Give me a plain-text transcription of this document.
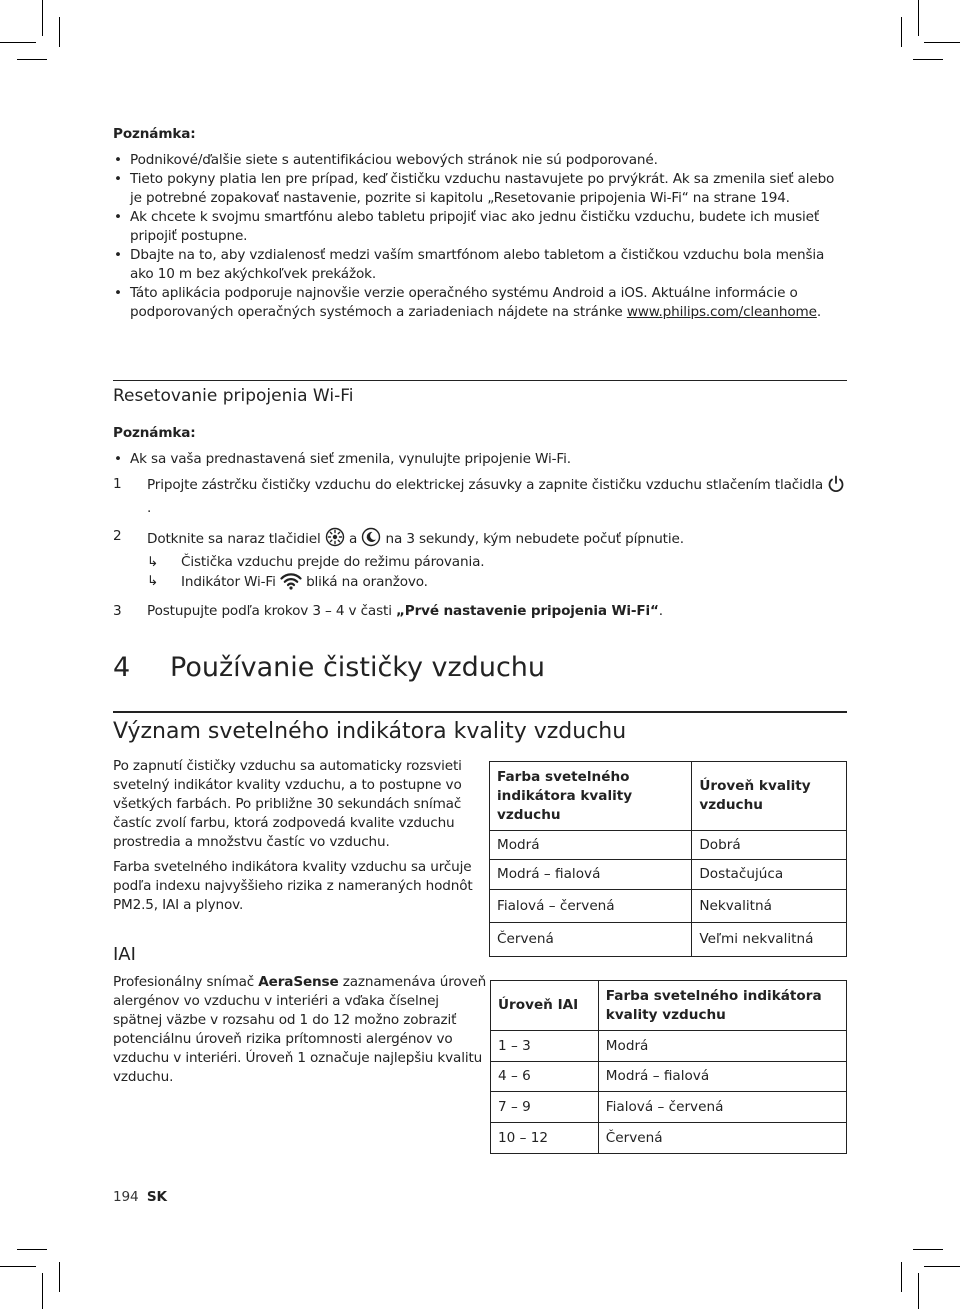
Poznámka:
• Podnikové/ďalšie siete s autentifikáciou webových stránok nie sú podporované.
• Tieto pokyny platia len pre prípad, keď čističku vzduchu nastavujete po prvýkrát. Ak sa zmenila sieť alebo je potrebné zopakovať nastavenie, pozrite si kapitolu „Resetovanie pripojenia Wi-Fi“ na strane 194.
• Ak chcete k svojmu smartfónu alebo tabletu pripojiť viac ako jednu čističku vzduchu, budete ich musieť pripojiť postupne.
• Dbajte na to, aby vzdialenosť medzi vaším smartfónom alebo tabletom a čističkou vzduchu bola menšia ako 10 m bez akýchkoľvek prekážok.
• Táto aplikácia podporuje najnovšie verzie operačného systému Android a iOS. Aktuálne informácie o podporovaných operačných systémoch a zariadeniach nájdete na stránke www.philips.com/cleanhome.
Resetovanie pripojenia Wi-Fi
Poznámka:
• Ak sa vaša prednastavená sieť zmenila, vynulujte pripojenie Wi-Fi.
1 Pripojte zástrčku čističky vzduchu do elektrickej zásuvky a zapnite čističku vzduchu stlačením tlačidla .
2 Dotknite sa naraz tlačidiel  a  na 3 sekundy, kým nebudete počuť pípnutie.
↳ Čistička vzduchu prejde do režimu párovania.
↳ Indikátor Wi-Fi  bliká na oranžovo.
3 Postupujte podľa krokov 3 – 4 v časti „Prvé nastavenie pripojenia Wi-Fi“.
4 Používanie čističky vzduchu
Význam svetelného indikátora kvality vzduchu

Po zapnutí čističky vzduchu sa automaticky rozsvieti svetelný indikátor kvality vzduchu, a to postupne vo všetkých farbách. Po približne 30 sekundách snímač častíc zvolí farbu, ktorá zodpovedá kvalite vzduchu prostredia a množstvu častíc vo vzduchu.

Farba svetelného indikátora kvality vzduchu sa určuje podľa indexu najvyššieho rizika z nameraných hodnôt PM2.5, IAI a plynov.

IAI
Profesionálny snímač AeraSense zaznamenáva úroveň alergénov vo vzduchu v interiéri a vďaka číselnej spätnej väzbe v rozsahu od 1 do 12 možno zobraziť potenciálnu úroveň rizika prítomnosti alergénov vo vzduchu v interiéri. Úroveň 1 označuje najlepšiu kvalitu vzduchu.
Farba svetelného indikátora kvality vzduchu	Úroveň kvality vzduchu
Modrá	Dobrá
Modrá – fialová	Dostačujúca
Fialová – červená	Nekvalitná
Červená	Veľmi nekvalitná
Úroveň IAI	Farba svetelného indikátora kvality vzduchu
1 – 3	Modrá
4 – 6	Modrá – fialová
7 – 9	Fialová – červená
10 – 12	Červená
194 SK
